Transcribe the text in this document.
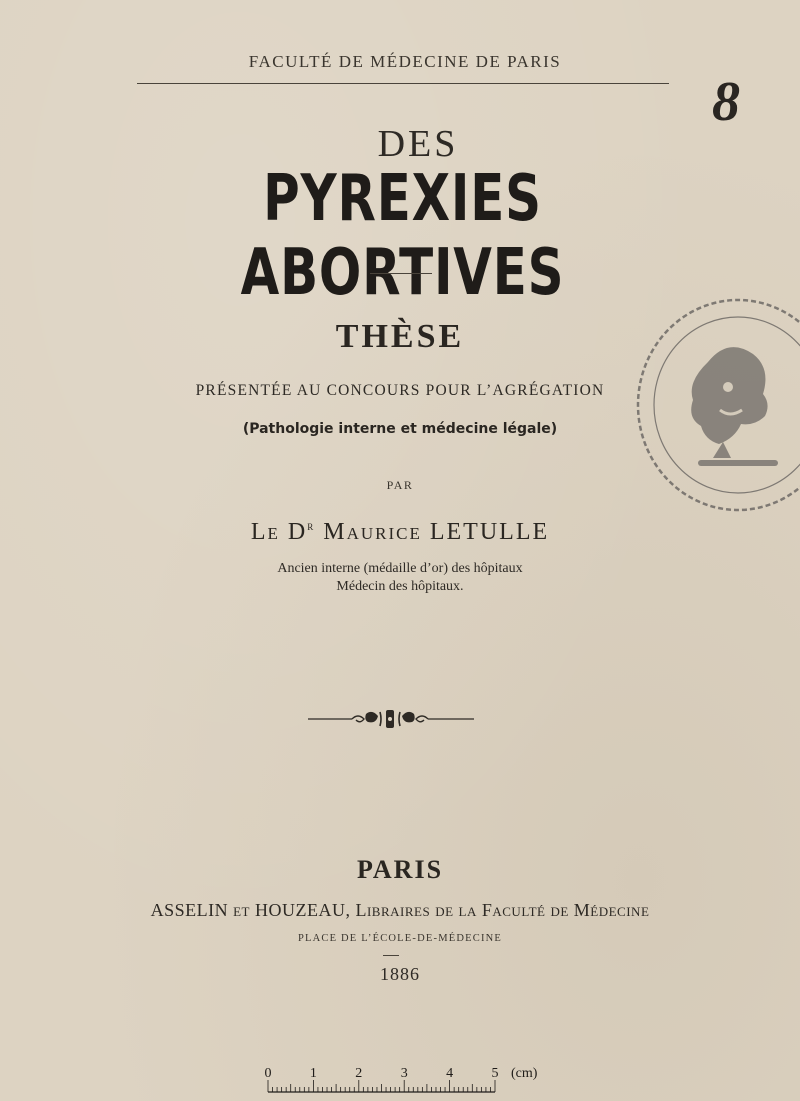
FACULTÉ DE MÉDECINE DE PARIS
8
DES
PYREXIES ABORTIVES
THÈSE
PRÉSENTÉE AU CONCOURS POUR L’AGRÉGATION
(Pathologie interne et médecine légale)
PAR
Le $D^r$ Maurice LETULLE
Ancien interne (médaille d’or) des hôpitaux
Médecin des hôpitaux.
PARIS
ASSELIN et HOUZEAU, Libraires de la Faculté de Médecine
PLACE DE L’ÉCOLE-DE-MÉDECINE
1886
0	1	2	3	4	5 (cm)
